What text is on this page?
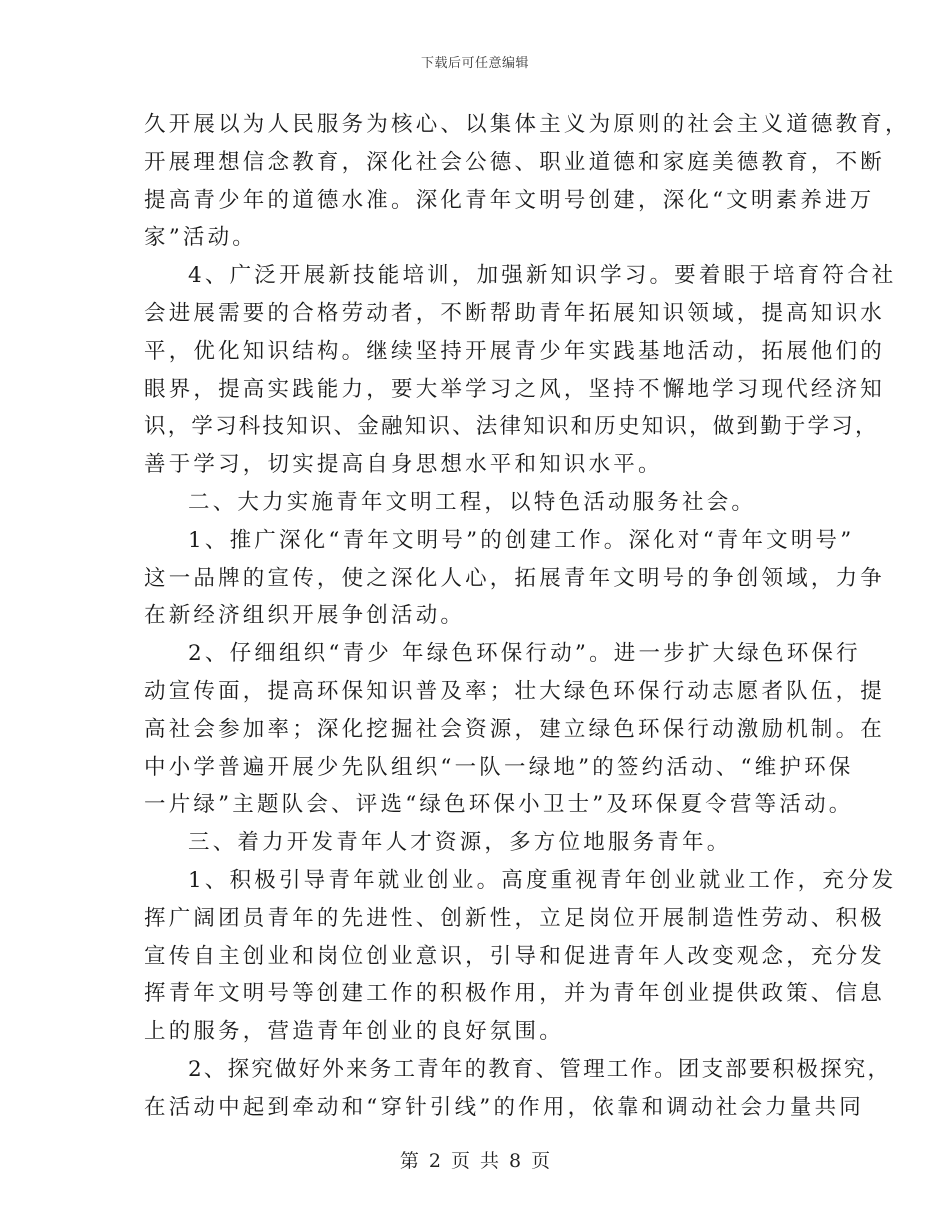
下载后可任意编辑
久开展以为人民服务为核心、以集体主义为原则的社会主义道德教育，
开展理想信念教育，深化社会公德、职业道德和家庭美德教育，不断
提高青少年的道德水准。深化青年文明号创建，深化“文明素养进万
家”活动。
4、广泛开展新技能培训，加强新知识学习。要着眼于培育符合社
会进展需要的合格劳动者，不断帮助青年拓展知识领域，提高知识水
平，优化知识结构。继续坚持开展青少年实践基地活动，拓展他们的
眼界，提高实践能力，要大举学习之风，坚持不懈地学习现代经济知
识，学习科技知识、金融知识、法律知识和历史知识，做到勤于学习，
善于学习，切实提高自身思想水平和知识水平。
二、大力实施青年文明工程，以特色活动服务社会。
1、推广深化“青年文明号”的创建工作。深化对“青年文明号”
这一品牌的宣传，使之深化人心，拓展青年文明号的争创领域，力争
在新经济组织开展争创活动。
2、仔细组织“青少 年绿色环保行动”。进一步扩大绿色环保行
动宣传面，提高环保知识普及率；壮大绿色环保行动志愿者队伍，提
高社会参加率；深化挖掘社会资源，建立绿色环保行动激励机制。在
中小学普遍开展少先队组织“一队一绿地”的签约活动、“维护环保
一片绿”主题队会、评选“绿色环保小卫士”及环保夏令营等活动。
三、着力开发青年人才资源，多方位地服务青年。
1、积极引导青年就业创业。高度重视青年创业就业工作，充分发
挥广阔团员青年的先进性、创新性，立足岗位开展制造性劳动、积极
宣传自主创业和岗位创业意识，引导和促进青年人改变观念，充分发
挥青年文明号等创建工作的积极作用，并为青年创业提供政策、信息
上的服务，营造青年创业的良好氛围。
2、探究做好外来务工青年的教育、管理工作。团支部要积极探究，
在活动中起到牵动和“穿针引线”的作用，依靠和调动社会力量共同
第 2 页 共 8 页
